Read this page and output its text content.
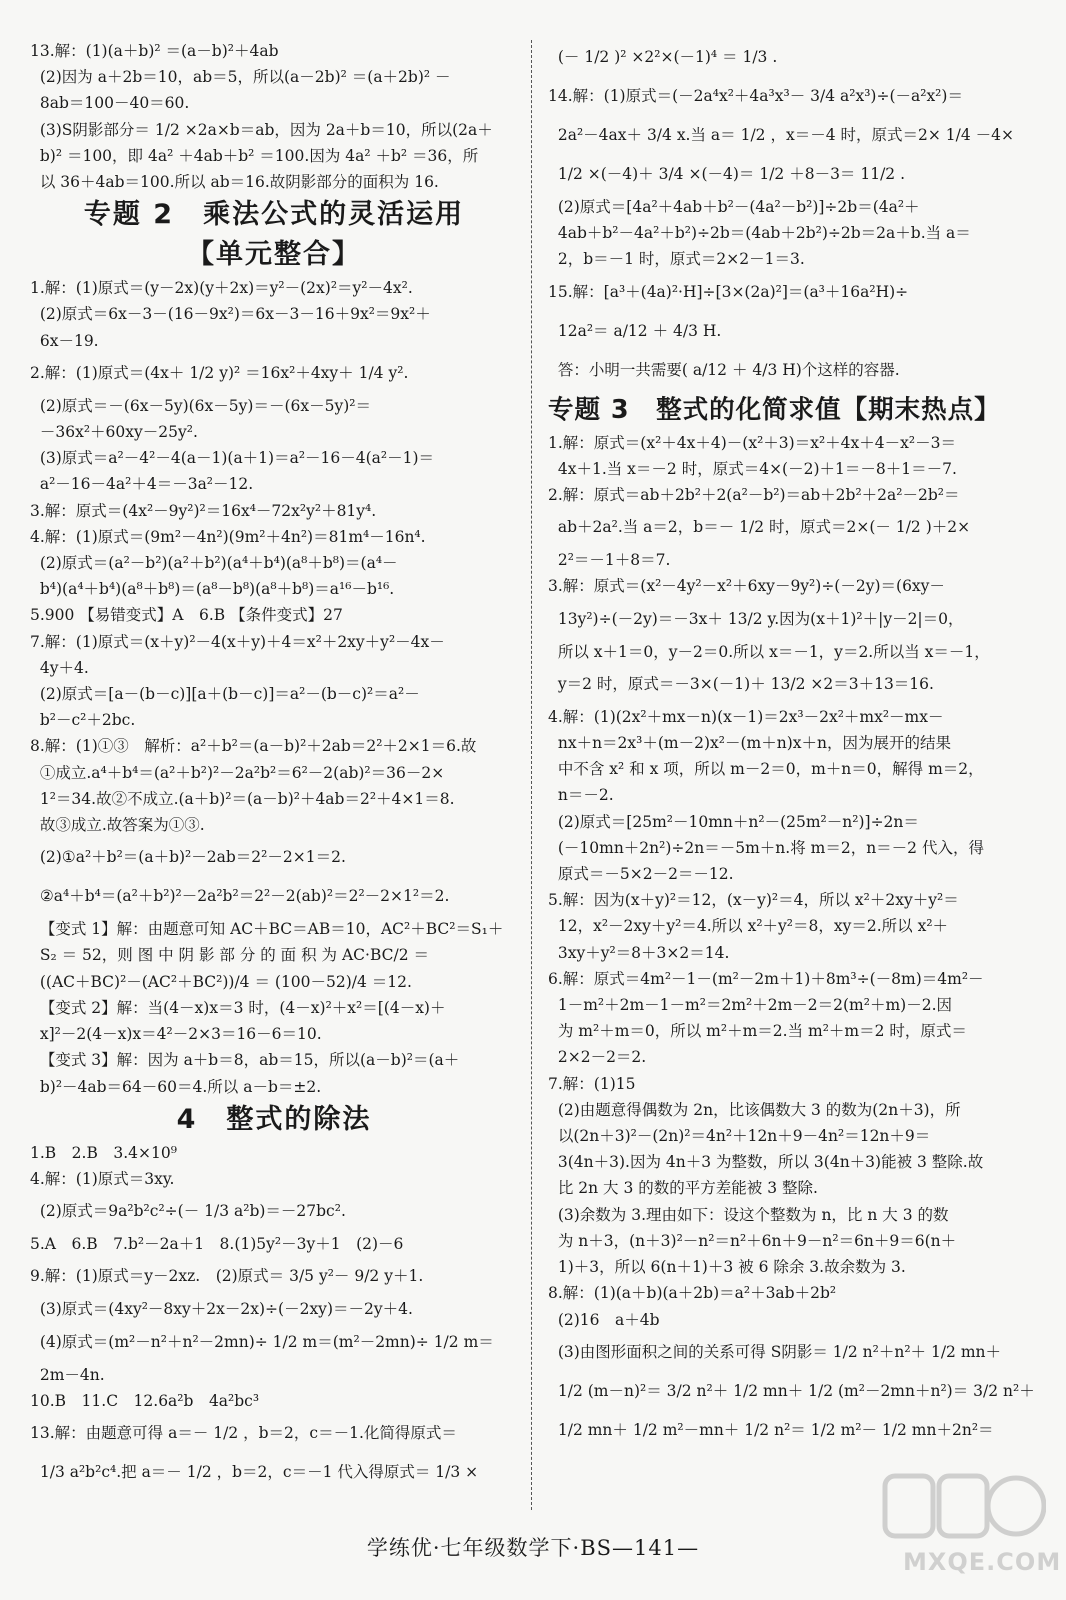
13.解：(1)(a＋b)² ＝(a－b)²＋4ab
(2)因为 a＋2b＝10，ab＝5，所以(a－2b)² ＝(a＋2b)² －
8ab＝100－40＝60.
(3)S阴影部分＝ 1/2 ×2a×b＝ab，因为 2a＋b＝10，所以(2a＋
b)² ＝100，即 4a² ＋4ab＋b² ＝100.因为 4a² ＋b² ＝36，所
以 36＋4ab＝100.所以 ab＝16.故阴影部分的面积为 16.
专题 2　乘法公式的灵活运用
【单元整合】
1.解：(1)原式＝(y－2x)(y＋2x)＝y²－(2x)²＝y²－4x².
(2)原式＝6x－3－(16－9x²)＝6x－3－16＋9x²＝9x²＋
6x－19.
2.解：(1)原式＝(4x＋ 1/2 y)² ＝16x²＋4xy＋ 1/4 y².
(2)原式＝－(6x－5y)(6x－5y)＝－(6x－5y)²＝
－36x²＋60xy－25y².
(3)原式＝a²－4²－4(a－1)(a＋1)＝a²－16－4(a²－1)＝
a²－16－4a²＋4＝－3a²－12.
3.解：原式＝(4x²－9y²)²＝16x⁴－72x²y²＋81y⁴.
4.解：(1)原式＝(9m²－4n²)(9m²＋4n²)＝81m⁴－16n⁴.
(2)原式＝(a²－b²)(a²＋b²)(a⁴＋b⁴)(a⁸＋b⁸)＝(a⁴－
b⁴)(a⁴＋b⁴)(a⁸＋b⁸)＝(a⁸－b⁸)(a⁸＋b⁸)＝a¹⁶－b¹⁶.
5.900 【易错变式】A　6.B 【条件变式】27
7.解：(1)原式＝(x＋y)²－4(x＋y)＋4＝x²＋2xy＋y²－4x－
4y＋4.
(2)原式＝[a－(b－c)][a＋(b－c)]＝a²－(b－c)²＝a²－
b²－c²＋2bc.
8.解：(1)①③　解析：a²＋b²＝(a－b)²＋2ab＝2²＋2×1＝6.故
①成立.a⁴＋b⁴＝(a²＋b²)²－2a²b²＝6²－2(ab)²＝36－2×
1²＝34.故②不成立.(a＋b)²＝(a－b)²＋4ab＝2²＋4×1＝8.
故③成立.故答案为①③.
(2)①a²＋b²＝(a＋b)²－2ab＝2²－2×1＝2.
②a⁴＋b⁴＝(a²＋b²)²－2a²b²＝2²－2(ab)²＝2²－2×1²＝2.
【变式 1】解：由题意可知 AC＋BC＝AB＝10，AC²＋BC²＝S₁＋
S₂ ＝ 52，则 图 中 阴 影 部 分 的 面 积 为 AC·BC/2 ＝
((AC＋BC)²－(AC²＋BC²))/4 ＝ (100－52)/4 ＝12.
【变式 2】解：当(4－x)x＝3 时，(4－x)²＋x²＝[(4－x)＋
x]²－2(4－x)x＝4²－2×3＝16－6＝10.
【变式 3】解：因为 a＋b＝8，ab＝15，所以(a－b)²＝(a＋
b)²－4ab＝64－60＝4.所以 a－b＝±2.
4　整式的除法
1.B　2.B　3.4×10⁹
4.解：(1)原式＝3xy.
(2)原式＝9a²b²c²÷(－ 1/3 a²b)＝－27bc².
5.A　6.B　7.b²－2a＋1　8.(1)5y²－3y＋1　(2)－6
9.解：(1)原式＝y－2xz.　(2)原式＝ 3/5 y²－ 9/2 y＋1.
(3)原式＝(4xy²－8xy＋2x－2x)÷(－2xy)＝－2y＋4.
(4)原式＝(m²－n²＋n²－2mn)÷ 1/2 m＝(m²－2mn)÷ 1/2 m＝
2m－4n.
10.B　11.C　12.6a²b　4a²bc³
13.解：由题意可得 a＝－ 1/2 ，b＝2，c＝－1.化简得原式＝
1/3 a²b²c⁴.把 a＝－ 1/2 ，b＝2，c＝－1 代入得原式＝ 1/3 ×
(－ 1/2 )² ×2²×(－1)⁴ ＝ 1/3 .
14.解：(1)原式＝(－2a⁴x²＋4a³x³－ 3/4 a²x³)÷(－a²x²)＝
2a²－4ax＋ 3/4 x.当 a＝ 1/2 ，x＝－4 时，原式＝2× 1/4 －4×
1/2 ×(－4)＋ 3/4 ×(－4)＝ 1/2 ＋8－3＝ 11/2 .
(2)原式＝[4a²＋4ab＋b²－(4a²－b²)]÷2b＝(4a²＋
4ab＋b²－4a²＋b²)÷2b＝(4ab＋2b²)÷2b＝2a＋b.当 a＝
2，b＝－1 时，原式＝2×2－1＝3.
15.解：[a³＋(4a)²·H]÷[3×(2a)²]＝(a³＋16a²H)÷
12a²＝ a/12 ＋ 4/3 H.
答：小明一共需要( a/12 ＋ 4/3 H)个这样的容器.
专题 3　整式的化简求值【期末热点】
1.解：原式＝(x²＋4x＋4)－(x²＋3)＝x²＋4x＋4－x²－3＝
4x＋1.当 x＝－2 时，原式＝4×(－2)＋1＝－8＋1＝－7.
2.解：原式＝ab＋2b²＋2(a²－b²)＝ab＋2b²＋2a²－2b²＝
ab＋2a².当 a＝2，b＝－ 1/2 时，原式＝2×(－ 1/2 )＋2×
2²＝－1＋8＝7.
3.解：原式＝(x²－4y²－x²＋6xy－9y²)÷(－2y)＝(6xy－
13y²)÷(－2y)＝－3x＋ 13/2 y.因为(x＋1)²＋|y－2|＝0，
所以 x＋1＝0，y－2＝0.所以 x＝－1，y＝2.所以当 x＝－1，
y＝2 时，原式＝－3×(－1)＋ 13/2 ×2＝3＋13＝16.
4.解：(1)(2x²＋mx－n)(x－1)＝2x³－2x²＋mx²－mx－
nx＋n＝2x³＋(m－2)x²－(m＋n)x＋n，因为展开的结果
中不含 x² 和 x 项，所以 m－2＝0，m＋n＝0，解得 m＝2，
n＝－2.
(2)原式＝[25m²－10mn＋n²－(25m²－n²)]÷2n＝
(－10mn＋2n²)÷2n＝－5m＋n.将 m＝2，n＝－2 代入，得
原式＝－5×2－2＝－12.
5.解：因为(x＋y)²＝12，(x－y)²＝4，所以 x²＋2xy＋y²＝
12，x²－2xy＋y²＝4.所以 x²＋y²＝8，xy＝2.所以 x²＋
3xy＋y²＝8＋3×2＝14.
6.解：原式＝4m²－1－(m²－2m＋1)＋8m³÷(－8m)＝4m²－
1－m²＋2m－1－m²＝2m²＋2m－2＝2(m²＋m)－2.因
为 m²＋m＝0，所以 m²＋m＝2.当 m²＋m＝2 时，原式＝
2×2－2＝2.
7.解：(1)15
(2)由题意得偶数为 2n，比该偶数大 3 的数为(2n＋3)，所
以(2n＋3)²－(2n)²＝4n²＋12n＋9－4n²＝12n＋9＝
3(4n＋3).因为 4n＋3 为整数，所以 3(4n＋3)能被 3 整除.故
比 2n 大 3 的数的平方差能被 3 整除.
(3)余数为 3.理由如下：设这个整数为 n，比 n 大 3 的数
为 n＋3，(n＋3)²－n²＝n²＋6n＋9－n²＝6n＋9＝6(n＋
1)＋3，所以 6(n＋1)＋3 被 6 除余 3.故余数为 3.
8.解：(1)(a＋b)(a＋2b)＝a²＋3ab＋2b²
(2)16　a＋4b
(3)由图形面积之间的关系可得 S阴影＝ 1/2 n²＋n²＋ 1/2 mn＋
1/2 (m－n)²＝ 3/2 n²＋ 1/2 mn＋ 1/2 (m²－2mn＋n²)＝ 3/2 n²＋
1/2 mn＋ 1/2 m²－mn＋ 1/2 n²＝ 1/2 m²－ 1/2 mn＋2n²＝
学练优·七年级数学下·BS—141—	MXQE.COM
